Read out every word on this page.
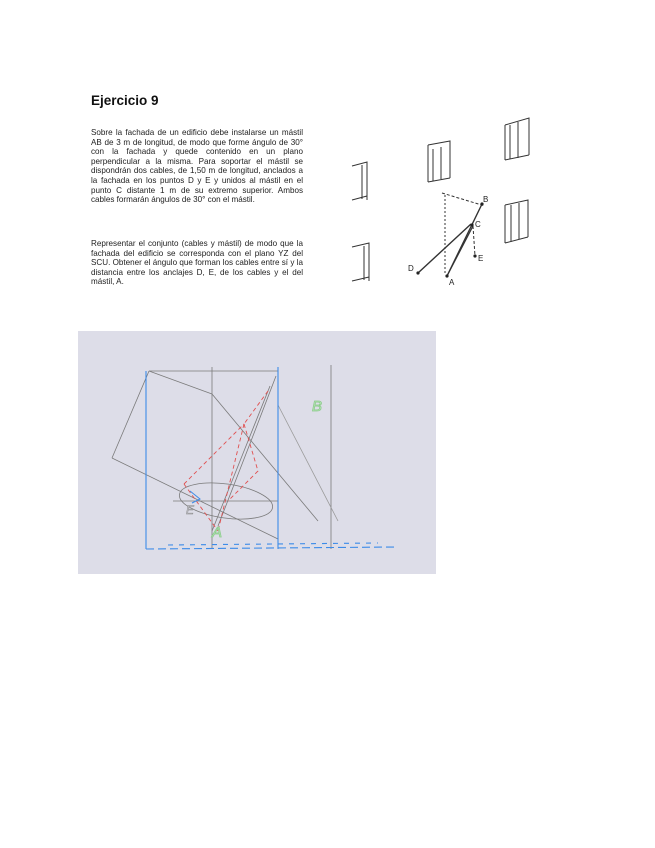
Ejercicio 9
Sobre la fachada de un edificio debe instalarse un mástil AB de 3 m de longitud, de modo que forme ángulo de 30° con la fachada y quede contenido en un plano perpendicular a la misma. Para soportar el mástil se dispondrán dos cables, de 1,50 m de longitud, anclados a la fachada en los puntos D y E y unidos al mástil en el punto C distante 1 m de su extremo superior. Ambos cables formarán ángulos de 30° con el mástil.
Representar el conjunto (cables y mástil) de modo que la fachada del edificio se corresponda con el plano YZ del SCU. Obtener el ángulo que forman los cables entre sí y la distancia entre los anclajes D, E, de los cables y el del mástil, A.
B
C
A
D
E
B
A
E
